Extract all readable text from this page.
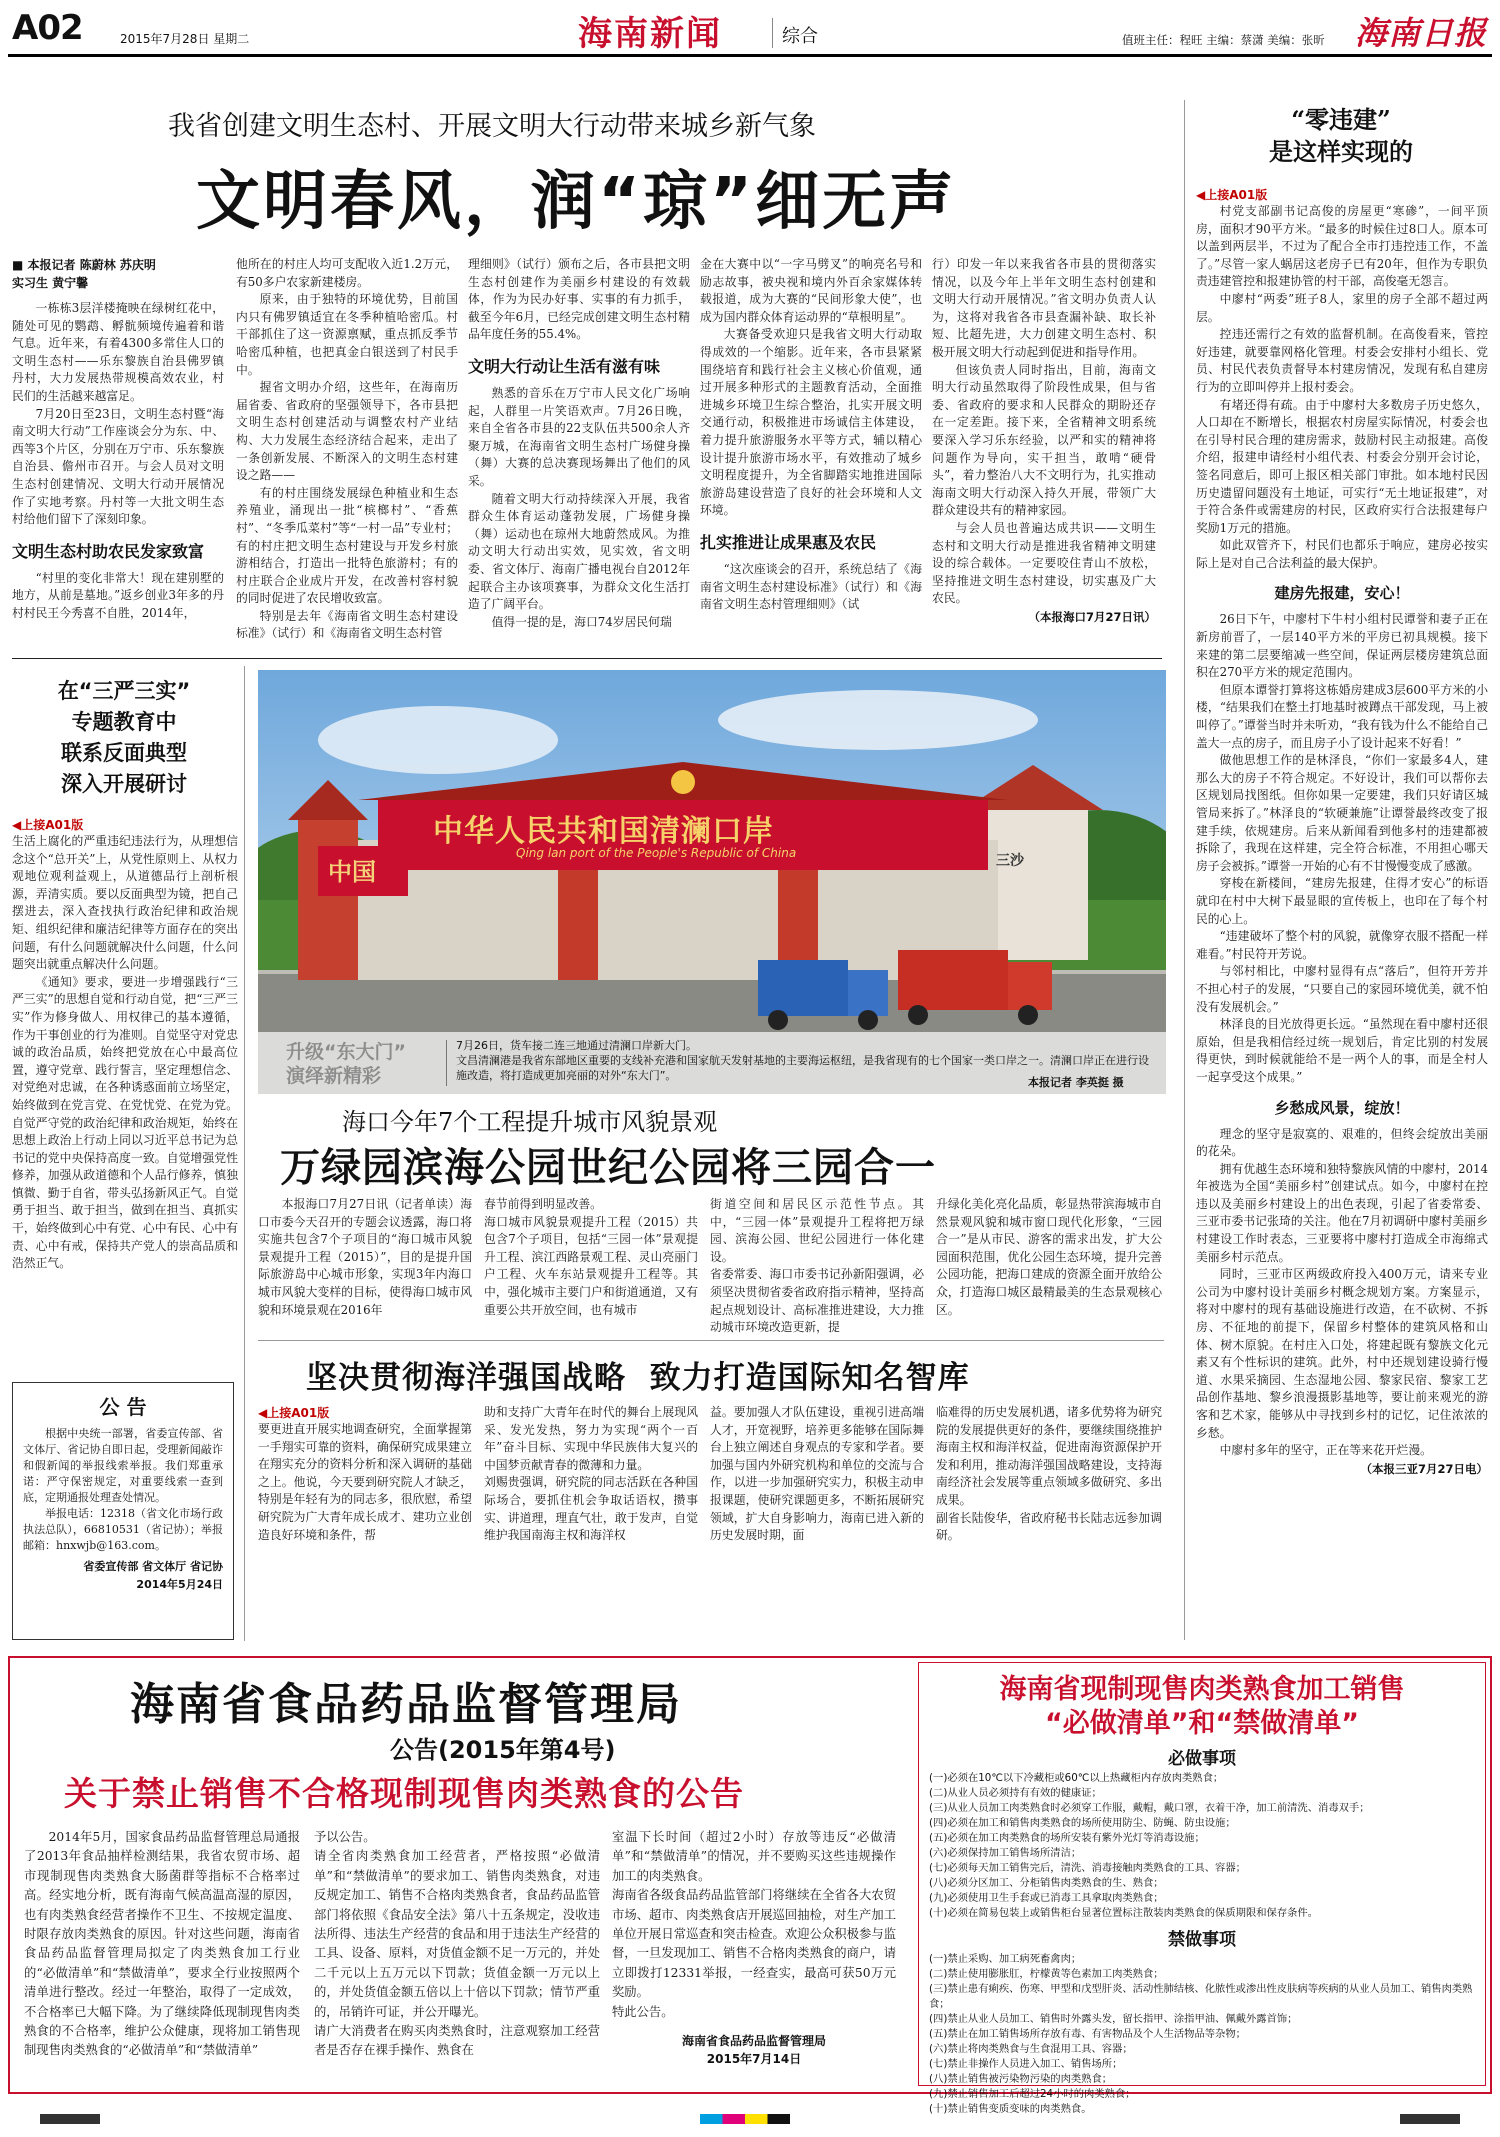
A02	2015年7月28日 星期二	海南新闻	综合	值班主任：程旺 主编：蔡潇 美编：张昕 海南日报
我省创建文明生态村、开展文明大行动带来城乡新气象
文明春风，润“琼”细无声
■ 本报记者 陈蔚林 苏庆明
实习生 黄宁馨

一栋栋3层洋楼掩映在绿树红花中，随处可见的鹦鹉、孵骯频境传遍着和谐气息。近年来，有着4300多常住人口的文明生态村——乐东黎族自治县佛罗镇丹村，大力发展热带规模高效农业，村民们的生活越来越富足。

7月20日至23日，文明生态村暨“海南文明大行动”工作座谈会分为东、中、西等3个片区，分别在万宁市、乐东黎族自治县、儋州市召开。与会人员对文明生态村创建情况、文明大行动开展情况作了实地考察。丹村等一大批文明生态村给他们留下了深刻印象。

文明生态村助农民发家致富

“村里的变化非常大！现在建别墅的地方，从前是墓地。”返乡创业3年多的丹村村民王今秀喜不自胜，2014年，

他所在的村庄人均可支配收入近1.2万元，有50多户农家新建楼房。

原来，由于独特的环境优势，目前国内只有佛罗镇适宜在冬季种植哈密瓜。村干部抓住了这一资源禀赋，重点抓反季节哈密瓜种植，也把真金白银送到了村民手中。

握省文明办介绍，这些年，在海南历届省委、省政府的坚强领导下，各市县把文明生态村创建活动与调整农村产业结构、大力发展生态经济结合起来，走出了一条创新发展、不断深入的文明生态村建设之路——

有的村庄围绕发展绿色种植业和生态养殖业，涌现出一批“槟榔村”、“香蕉村”、“冬季瓜菜村”等“一村一品”专业村；有的村庄把文明生态村建设与开发乡村旅游相结合，打造出一批特色旅游村；有的村庄联合企业成片开发，在改善村容村貌的同时促进了农民增收致富。

特别是去年《海南省文明生态村建设标准》（试行）和《海南省文明生态村管

理细则》（试行）颁布之后，各市县把文明生态村创建作为美丽乡村建设的有效载体，作为为民办好事、实事的有力抓手，截至今年6月，已经完成创建文明生态村精品年度任务的55.4%。

文明大行动让生活有滋有味

熟悉的音乐在万宁市人民文化广场响起，人群里一片笑语欢声。7月26日晚，来自全省各市县的22支队伍共500余人齐聚万城，在海南省文明生态村广场健身操（舞）大赛的总决赛现场舞出了他们的风采。

随着文明大行动持续深入开展，我省群众生体育运动蓬勃发展，广场健身操（舞）运动也在琼州大地蔚然成风。为推动文明大行动出实效，见实效，省文明委、省文体厅、海南广播电视台自2012年起联合主办该项赛事，为群众文化生活打造了广阔平台。

值得一提的是，海口74岁居民何瑞

金在大赛中以“一字马劈叉”的响亮名号和励志故事，被央视和境内外百余家媒体转载报道，成为大赛的“民间形象大使”，也成为国内群众体育运动界的“草根明星”。

大赛备受欢迎只是我省文明大行动取得成效的一个缩影。近年来，各市县紧紧围绕培育和践行社会主义核心价值观，通过开展多种形式的主题教育活动，全面推进城乡环境卫生综合整治，扎实开展文明交通行动，积极推进市场诚信主体建设，着力提升旅游服务水平等方式，辅以精心设计提升旅游市场水平，有效推动了城乡文明程度提升，为全省脚踏实地推进国际旅游岛建设营造了良好的社会环境和人文环境。

扎实推进让成果惠及农民

“这次座谈会的召开，系统总结了《海南省文明生态村建设标准》（试行）和《海南省文明生态村管理细则》（试

行）印发一年以来我省各市县的贯彻落实情况，以及今年上半年文明生态村创建和文明大行动开展情况。”省文明办负责人认为，这将对我省各市县查漏补缺、取长补短、比超先进，大力创建文明生态村、积极开展文明大行动起到促进和指导作用。

但该负责人同时指出，目前，海南文明大行动虽然取得了阶段性成果，但与省委、省政府的要求和人民群众的期盼还存在一定差距。接下来，全省精神文明系统要深入学习乐东经验，以严和实的精神将问题作为导向，实干担当，敢啃“硬骨头”，着力整治八大不文明行为，扎实推动海南文明大行动深入持久开展，带领广大群众建设共有的精神家园。

与会人员也普遍达成共识——文明生态村和文明大行动是推进我省精神文明建设的综合载体。一定要咬住青山不放松，坚持推进文明生态村建设，切实惠及广大农民。

（本报海口7月27日讯）
“零违建”
是这样实现的
◀上接A01版

村党支部副书记高俊的房屋更“寒碜”，一间平顶房，面积才90平方米。“最多的时候住过8口人。原本可以盖到两层半，不过为了配合全市打违控违工作，不盖了。”尽管一家人蜗居这老房子已有20年，但作为专职负责违建管控和报建协管的村干部，高俊毫无怨言。

中廖村“两委”班子8人，家里的房子全部不超过两层。

控违还需行之有效的监督机制。在高俊看来，管控好违建，就要靠网格化管理。村委会安排村小组长、党员、村民代表负责督导本村建房情况，发现有私自建房行为的立即叫停并上报村委会。

有堵还得有疏。由于中廖村大多数房子历史悠久，人口却在不断增长，根据农村房屋实际情况，村委会也在引导村民合理的建房需求，鼓励村民主动报建。高俊介绍，报建申请经村小组代表、村委会分别开会讨论，签名同意后，即可上报区相关部门审批。如本地村民因历史遗留问题没有土地证，可实行“无土地证报建”，对于符合条件或需建房的村民，区政府实行合法报建每户奖励1万元的措施。

如此双管齐下，村民们也都乐于响应，建房必按实际上是对自己合法利益的最大保护。

建房先报建，安心！

26日下午，中廖村下牛村小组村民谭誉和妻子正在新房前晋了，一层140平方米的平房已初具规模。接下来建的第二层要缩减一些空间，保证两层楼房建筑总面积在270平方米的规定范围内。

但原本谭誉打算将这栋婚房建成3层600平方米的小楼，“结果我们在整土打地基时被蹲点干部发现，马上被叫停了。”谭誉当时并未听劝，“我有钱为什么不能给自己盖大一点的房子，而且房子小了设计起来不好看！”

做他思想工作的是林泽良，“你们一家最多4人，建那么大的房子不符合规定。不好设计，我们可以帮你去区规划局找图纸。但你如果一定要建，我们只好请区城管局来拆了。”林泽良的“软硬兼施”让谭誉最终改变了报建手续，依规建房。后来从新闻看到他多村的违建都被拆除了，我现在这样建，完全符合标准，不用担心哪天房子会被拆。”谭誉一开始的心有不甘慢慢变成了感激。

穿梭在新楼间，“建房先报建，住得才安心”的标语就印在村中大树下最显眼的宣传板上，也印在了每个村民的心上。

“违建破坏了整个村的风貌，就像穿衣服不搭配一样难看。”村民符开芳说。

与邻村相比，中廖村显得有点“落后”，但符开芳并不担心村子的发展，“只要自己的家园环境优美，就不怕没有发展机会。”

林泽良的目光放得更长远。“虽然现在看中廖村还很原始，但是我相信经过统一规划后，肯定比别的村发展得更快，到时候就能给不是一两个人的事，而是全村人一起享受这个成果。”

乡愁成风景，绽放！

理念的坚守是寂寞的、艰难的，但终会绽放出美丽的花朵。

拥有优越生态环境和独特黎族风情的中廖村，2014年被选为全国“美丽乡村”创建试点。如今，中廖村在控违以及美丽乡村建设上的出色表现，引起了省委常委、三亚市委书记张琦的关注。他在7月初调研中廖村美丽乡村建设工作时表态，三亚要将中廖村打造成全市海绵式美丽乡村示范点。

同时，三亚市区两级政府投入400万元，请来专业公司为中廖村设计美丽乡村概念规划方案。方案显示，将对中廖村的现有基础设施进行改造，在不砍树、不拆房、不征地的前提下，保留乡村整体的建筑风格和山体、树木原貌。在村庄入口处，将建起既有黎族文化元素又有个性标识的建筑。此外，村中还规划建设骑行慢道、水果采摘园、生态湿地公园、黎家民宿、黎家工艺品创作基地、黎乡浪漫摄影基地等，要让前来观光的游客和艺术家，能够从中寻找到乡村的记忆，记住浓浓的乡愁。

中廖村多年的坚守，正在等来花开烂漫。

（本报三亚7月27日电）
在“三严三实”
专题教育中
联系反面典型
深入开展研讨
◀上接A01版

生活上腐化的严重违纪违法行为，从理想信念这个“总开关”上，从党性原则上、从权力观地位观利益观上，从道德品行上剖析根源，弄清实质。要以反面典型为镜，把自己摆进去，深入查找执行政治纪律和政治规矩、组织纪律和廉洁纪律等方面存在的突出问题，有什么问题就解决什么问题，什么问题突出就重点解决什么问题。

《通知》要求，要进一步增强践行“三严三实”的思想自觉和行动自觉，把“三严三实”作为修身做人、用权律己的基本遵循，作为干事创业的行为准则。自觉坚守对党忠诚的政治品质，始终把党放在心中最高位置，遵守党章、践行誓言，坚定理想信念、对党绝对忠诚，在各种诱惑面前立场坚定，始终做到在党言党、在党忧党、在党为党。自觉严守党的政治纪律和政治规矩，始终在思想上政治上行动上同以习近平总书记为总书记的党中央保持高度一致。自觉增强党性修养，加强从政道德和个人品行修养，慎独慎微、勤于自省，带头弘扬新风正气。自觉勇于担当、敢于担当，做到在担当、真抓实干，始终做到心中有党、心中有民、心中有责、心中有戒，保持共产党人的崇高品质和浩然正气。

公 告

根据中央统一部署，省委宣传部、省文体厅、省记协自即日起，受理新闻敲诈和假新闻的举报线索举报。我们郑重承诺：严守保密规定，对重要线索一查到底，定期通报处理查处情况。

举报电话：12318（省文化市场行政执法总队），66810531（省记协）；举报邮箱：hnxwjb@163.com。

省委宣传部 省文体厅 省记协
2014年5月24日
中国
中华人民共和国清澜口岸
Qing lan port of the People's Republic of China	三沙
升级“东大门”
演绎新精彩
7月26日，货车接二连三地通过清澜口岸新大门。
文昌清澜港是我省东部地区重要的支线补充港和国家航天发射基地的主要海运枢纽，是我省现有的七个国家一类口岸之一。清澜口岸正在进行设施改造，将打造成更加亮丽的对外“东大门”。
本报记者 李英挺 摄
海口今年7个工程提升城市风貌景观
万绿园滨海公园世纪公园将三园合一

本报海口7月27日讯（记者单读）海口市委今天召开的专题会议透露，海口将实施共包含7个子项目的“海口城市风貌景观提升工程（2015）”，目的是提升国际旅游岛中心城市形象，实现3年内海口城市风貌大变样的目标，使得海口城市风貌和环境景观在2016年

春节前得到明显改善。
海口城市风貌景观提升工程（2015）共包含7个子项目，包括“三园一体”景观提升工程、滨江西路景观工程、灵山亮丽门户工程、火车东站景观提升工程等。其中，强化城市主要门户和街道通道，又有重要公共开放空间，也有城市

街道空间和居民区示范性节点。其中，“三园一体”景观提升工程将把万绿园、滨海公园、世纪公园进行一体化建设。
省委常委、海口市委书记孙新阳强调，必须坚决贯彻省委省政府指示精神，坚持高起点规划设计、高标准推进建设，大力推动城市环境改造更新，提

升绿化美化亮化品质，彰显热带滨海城市自然景观风貌和城市窗口现代化形象，“三园合一”是从市民、游客的需求出发，扩大公园面积范围，优化公园生态环境，提升完善公园功能，把海口建成的资源全面开放给公众，打造海口城区最精最美的生态景观核心区。

坚决贯彻海洋强国战略  致力打造国际知名智库
◀上接A01版

要更进直开展实地调查研究，全面掌握第一手翔实可靠的资料，确保研究成果建立在翔实充分的资料分析和深入调研的基础之上。他说，今天要到研究院人才缺乏，特别是年轻有为的同志多，很欣慰，希望研究院为广大青年成长成才、建功立业创造良好环境和条件，帮

助和支持广大青年在时代的舞台上展现风采、发光发热，努力为实现“两个一百年”奋斗目标、实现中华民族伟大复兴的中国梦贡献青春的微薄和力量。
刘赐贵强调，研究院的同志活跃在各种国际场合，要抓住机会争取话语权，攒事实、讲道理，理直气壮，敢于发声，自觉维护我国南海主权和海洋权

益。要加强人才队伍建设，重视引进高端人才，开宽视野，培养更多能够在国际舞台上独立阐述自身观点的专家和学者。要加强与国内外研究机构和单位的交流与合作，以进一步加强研究实力，积极主动申报课题，使研究课题更多，不断拓展研究领域，扩大自身影响力，海南已进入新的历史发展时期，面

临难得的历史发展机遇，诸多优势将为研究院的发展提供更好的条件，要继续围绕推护海南主权和海洋权益，促进南海资源保护开发和利用，推动海洋强国战略建设，支持海南经济社会发展等重点领域多做研究、多出成果。
副省长陆俊华，省政府秘书长陆志远参加调研。

海南省食品药品监督管理局
公告(2015年第4号)
关于禁止销售不合格现制现售肉类熟食的公告

2014年5月，国家食品药品监督管理总局通报了2013年食品抽样检测结果，我省农贸市场、超市现制现售肉类熟食大肠菌群等指标不合格率过高。经实地分析，既有海南气候高温高湿的原因，也有肉类熟食经营者操作不卫生、不按规定温度、时限存放肉类熟食的原因。针对这些问题，海南省食品药品监督管理局拟定了肉类熟食加工行业的“必做清单”和“禁做清单”，要求全行业按照两个清单进行整改。经过一年整治，取得了一定成效，不合格率已大幅下降。为了继续降低现制现售肉类熟食的不合格率，维护公众健康，现将加工销售现制现售肉类熟食的“必做清单”和“禁做清单”

予以公告。
请全省肉类熟食加工经营者，严格按照“必做清单”和“禁做清单”的要求加工、销售肉类熟食，对违反规定加工、销售不合格肉类熟食者，食品药品监管部门将依照《食品安全法》第八十五条规定，没收违法所得、违法生产经营的食品和用于违法生产经营的工具、设备、原料，对货值金额不足一万元的，并处二千元以上五万元以下罚款；货值金额一万元以上的，并处货值金额五倍以上十倍以下罚款；情节严重的，吊销许可证，并公开曝光。
请广大消费者在购买肉类熟食时，注意观察加工经营者是否存在裸手操作、熟食在

室温下长时间（超过2小时）存放等违反“必做清单”和“禁做清单”的情况，并不要购买这些违规操作加工的肉类熟食。
海南省各级食品药品监管部门将继续在全省各大农贸市场、超市、肉类熟食店开展巡回抽检，对生产加工单位开展日常巡查和突击检查。欢迎公众积极参与监督，一旦发现加工、销售不合格肉类熟食的商户，请立即拨打12331举报，一经查实，最高可获50万元奖励。
特此公告。

海南省食品药品监督管理局
2015年7月14日
海南省现制现售肉类熟食加工销售
“必做清单”和“禁做清单”
必做事项
(一)必须在10℃以下冷藏柜或60℃以上热藏柜内存放肉类熟食；
(二)从业人员必须持有有效的健康证；
(三)从业人员加工肉类熟食时必须穿工作服，戴帽，戴口罩，衣着干净，加工前清洗、消毒双手；
(四)必须在加工和销售肉类熟食的场所使用防尘、防蝇、防虫设施；
(五)必须在加工肉类熟食的场所安装有紫外光灯等消毒设施；
(六)必须保持加工销售场所清洁；
(七)必须每天加工销售完后，清洗、消毒接触肉类熟食的工具、容器；
(八)必须分区加工、分柜销售肉类熟食的生、熟食；
(九)必须使用卫生手套或已消毒工具拿取肉类熟食；
(十)必须在简易包装上或销售柜台显著位置标注散装肉类熟食的保质期限和保存条件。
禁做事项
(一)禁止采购、加工病死畜禽肉；
(二)禁止使用膨胀肛，柠檬黄等色素加工肉类熟食；
(三)禁止患有痢疾、伤寒、甲型和戊型肝炎、活动性肺结核、化脓性或渗出性皮肤病等疾病的从业人员加工、销售肉类熟食；
(四)禁止从业人员加工、销售时外露头发，留长指甲、涂指甲油、佩戴外露首饰；
(五)禁止在加工销售场所存放有毒、有害物品及个人生活物品等杂物；
(六)禁止将肉类熟食与生食混用工具、容器；
(七)禁止非操作人员进入加工、销售场所；
(八)禁止销售被污染物污染的肉类熟食；
(九)禁止销售加工后超过24小时的肉类熟食；
(十)禁止销售变质变味的肉类熟食。
